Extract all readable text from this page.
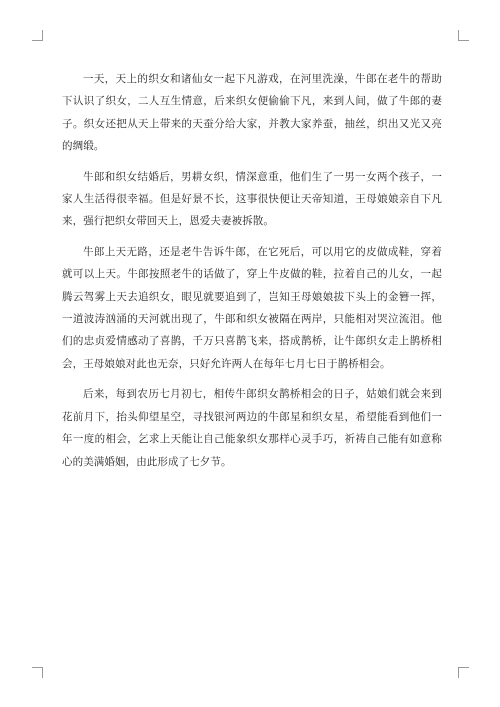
一天，天上的织女和诸仙女一起下凡游戏，在河里洗澡，牛郎在老牛的帮助下认识了织女，二人互生情意，后来织女便偷偷下凡，来到人间，做了牛郎的妻子。织女还把从天上带来的天蚕分给大家，并教大家养蚕，抽丝，织出又光又亮的绸缎。

牛郎和织女结婚后，男耕女织，情深意重，他们生了一男一女两个孩子，一家人生活得很幸福。但是好景不长，这事很快便让天帝知道，王母娘娘亲自下凡来，强行把织女带回天上，恩爱夫妻被拆散。

牛郎上天无路，还是老牛告诉牛郎，在它死后，可以用它的皮做成鞋，穿着就可以上天。牛郎按照老牛的话做了，穿上牛皮做的鞋，拉着自己的儿女，一起腾云驾雾上天去追织女，眼见就要追到了，岂知王母娘娘拔下头上的金簪一挥，一道波涛汹涌的天河就出现了，牛郎和织女被隔在两岸，只能相对哭泣流泪。他们的忠贞爱情感动了喜鹊，千万只喜鹊飞来，搭成鹊桥，让牛郎织女走上鹊桥相会，王母娘娘对此也无奈，只好允许两人在每年七月七日于鹊桥相会。

后来，每到农历七月初七，相传牛郎织女鹊桥相会的日子，姑娘们就会来到花前月下，抬头仰望星空，寻找银河两边的牛郎星和织女星，希望能看到他们一年一度的相会，乞求上天能让自己能象织女那样心灵手巧，祈祷自己能有如意称心的美满婚姻，由此形成了七夕节。
